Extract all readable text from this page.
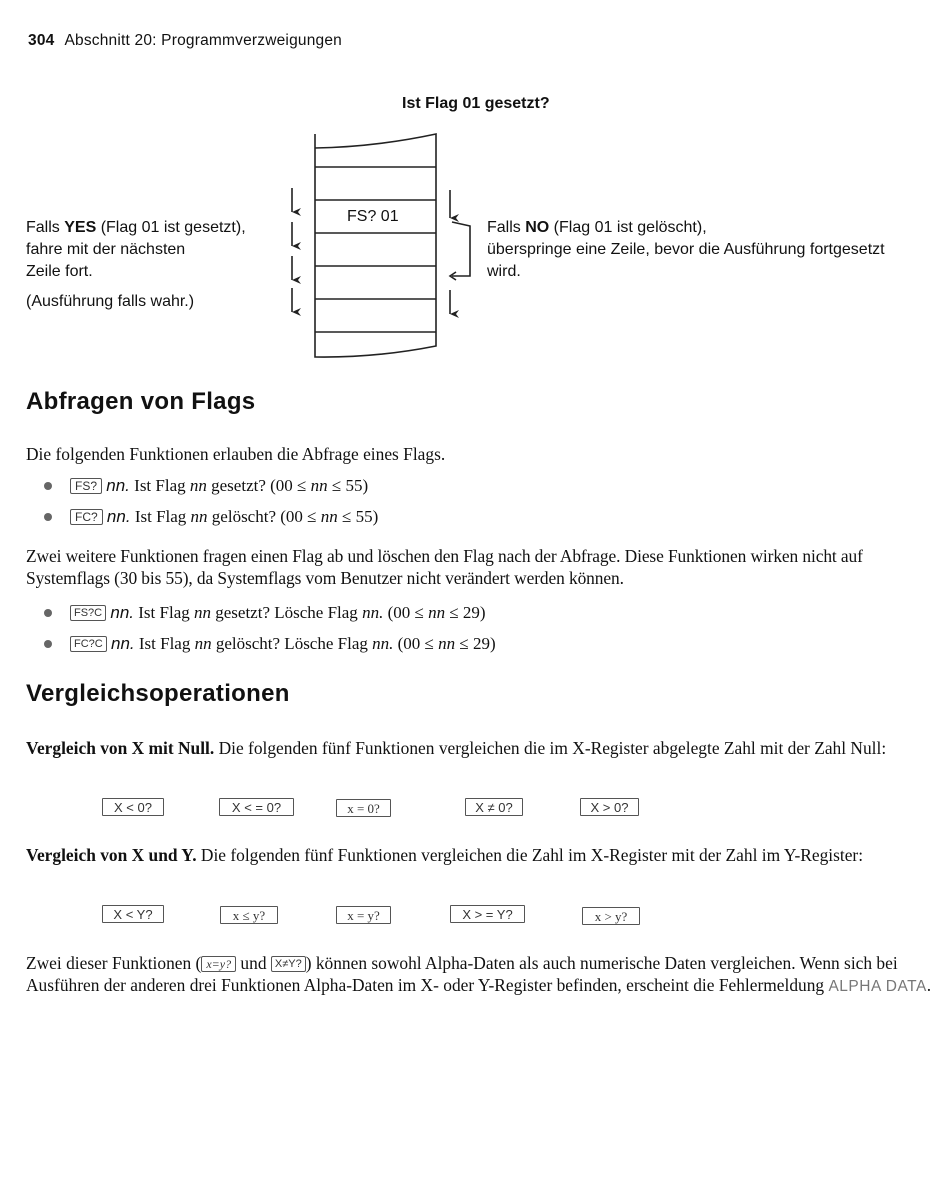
304 Abschnitt 20: Programmverzweigungen
Ist Flag 01 gesetzt?
FS? 01
Falls YES (Flag 01 ist gesetzt),
fahre mit der nächsten
Zeile fort.
(Ausführung falls wahr.)
Falls NO (Flag 01 ist gelöscht),
überspringe eine Zeile, bevor die Ausführung fortgesetzt
wird.
Abfragen von Flags
Die folgenden Funktionen erlauben die Abfrage eines Flags.
FS? nn. Ist Flag nn gesetzt? (00 ≤ nn ≤ 55)
FC? nn. Ist Flag nn gelöscht? (00 ≤ nn ≤ 55)
Zwei weitere Funktionen fragen einen Flag ab und löschen den Flag nach der Abfrage. Diese Funktionen wirken nicht auf Systemflags (30 bis 55), da Systemflags vom Benutzer nicht verändert werden können.
FS?C nn. Ist Flag nn gesetzt? Lösche Flag nn. (00 ≤ nn ≤ 29)
FC?C nn. Ist Flag nn gelöscht? Lösche Flag nn. (00 ≤ nn ≤ 29)
Vergleichsoperationen
Vergleich von X mit Null. Die folgenden fünf Funktionen vergleichen die im X-Register abgelegte Zahl mit der Zahl Null:
X < 0?	X < = 0?	x = 0?	X ≠ 0?	X > 0?
Vergleich von X und Y. Die folgenden fünf Funktionen vergleichen die Zahl im X-Register mit der Zahl im Y-Register:
X < Y?	x ≤ y?	x = y?	X > = Y?	x > y?
Zwei dieser Funktionen ( x=y? und X≠Y? ) können sowohl Alpha-Daten als auch numerische Daten vergleichen. Wenn sich bei Ausführen der anderen drei Funktionen Alpha-Daten im X- oder Y-Register befinden, erscheint die Fehlermeldung ALPHA DATA.
